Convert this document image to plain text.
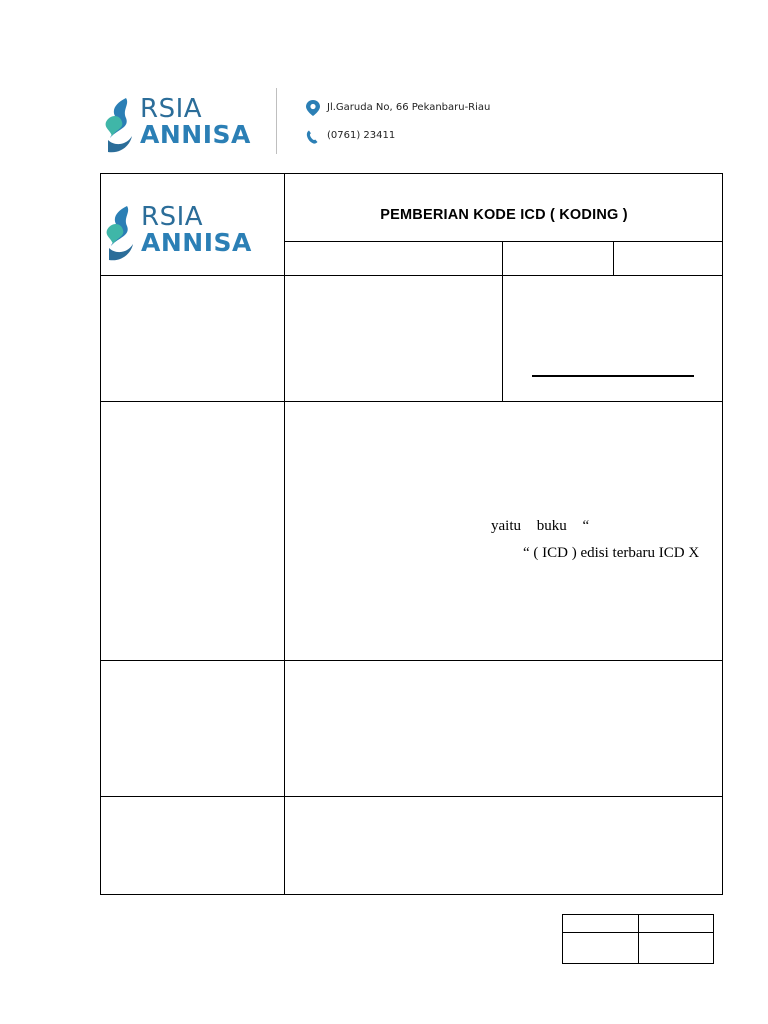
RSIA
ANNISA
Jl.Garuda No, 66 Pekanbaru-Riau
(0761) 23411
RSIA
ANNISA
PEMBERIAN KODE ICD ( KODING )
yaitu buku “
“ ( ICD ) edisi terbaru ICD X
